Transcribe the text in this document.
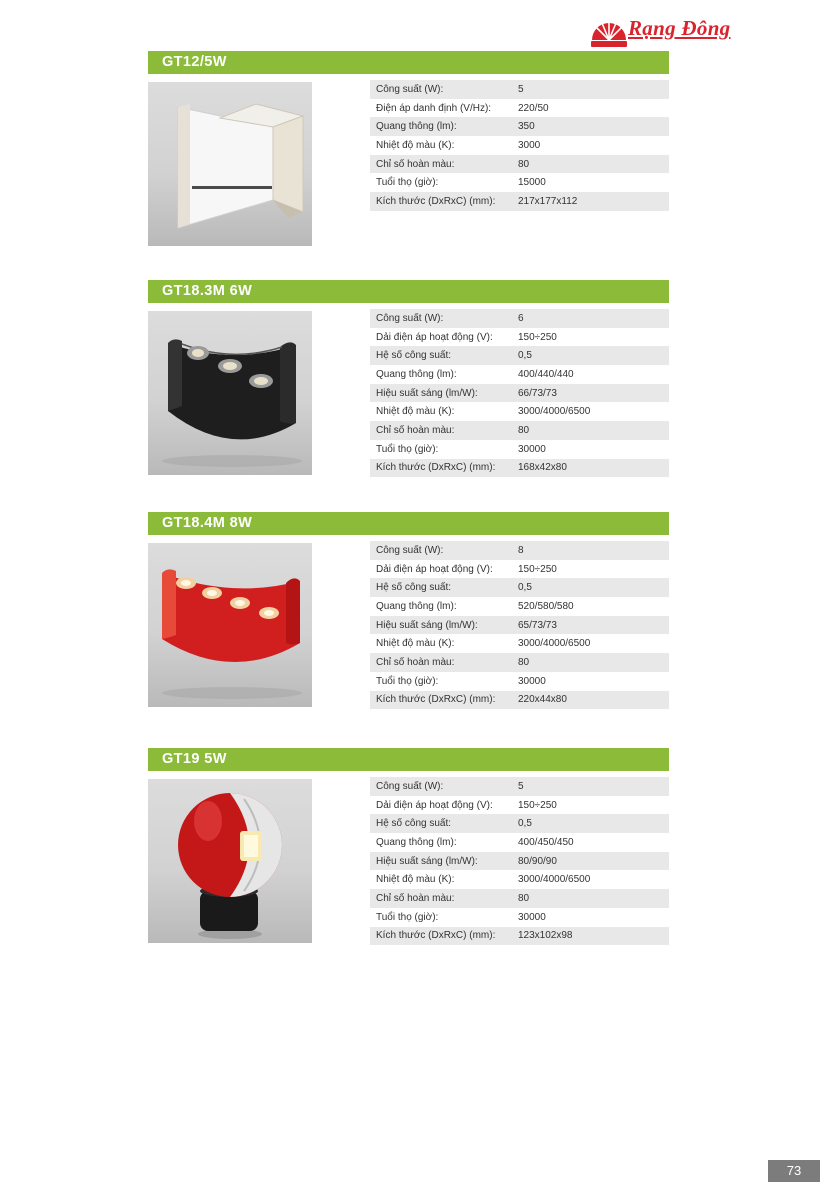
Rạng Đông
GT12/5W
Công suất (W):	5
Điện áp danh định (V/Hz):	220/50
Quang thông (lm):	350
Nhiệt độ màu (K):	3000
Chỉ số hoàn màu:	80
Tuổi thọ (giờ):	15000
Kích thước (DxRxC) (mm):	217x177x112
GT18.3M 6W
Công suất (W):	6
Dải điện áp hoạt động (V):	150÷250
Hệ số công suất:	0,5
Quang thông (lm):	400/440/440
Hiệu suất sáng (lm/W):	66/73/73
Nhiệt độ màu (K):	3000/4000/6500
Chỉ số hoàn màu:	80
Tuổi thọ (giờ):	30000
Kích thước (DxRxC) (mm):	168x42x80
GT18.4M 8W
Công suất (W):	8
Dải điện áp hoạt động (V):	150÷250
Hệ số công suất:	0,5
Quang thông (lm):	520/580/580
Hiệu suất sáng (lm/W):	65/73/73
Nhiệt độ màu (K):	3000/4000/6500
Chỉ số hoàn màu:	80
Tuổi thọ (giờ):	30000
Kích thước (DxRxC) (mm):	220x44x80
GT19 5W
Công suất (W):	5
Dải điện áp hoạt động (V):	150÷250
Hệ số công suất:	0,5
Quang thông (lm):	400/450/450
Hiệu suất sáng (lm/W):	80/90/90
Nhiệt độ màu (K):	3000/4000/6500
Chỉ số hoàn màu:	80
Tuổi thọ (giờ):	30000
Kích thước (DxRxC) (mm):	123x102x98
73
